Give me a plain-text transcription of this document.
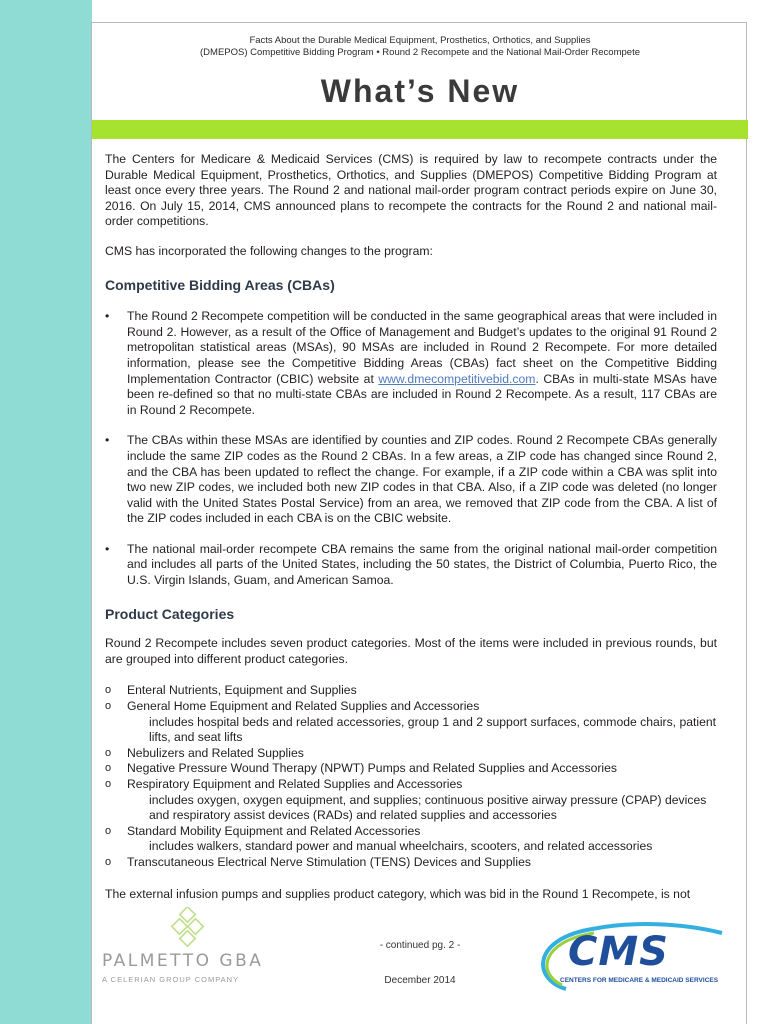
Facts About the Durable Medical Equipment, Prosthetics, Orthotics, and Supplies
(DMEPOS) Competitive Bidding Program • Round 2 Recompete and the National Mail-Order Recompete
What’s New

The Centers for Medicare & Medicaid Services (CMS) is required by law to recompete contracts under the Durable Medical Equipment, Prosthetics, Orthotics, and Supplies (DMEPOS) Competitive Bidding Program at least once every three years. The Round 2 and national mail-order program contract periods expire on June 30, 2016. On July 15, 2014, CMS announced plans to recompete the contracts for the Round 2 and national mail-order competitions.

CMS has incorporated the following changes to the program:

Competitive Bidding Areas (CBAs)
• The Round 2 Recompete competition will be conducted in the same geographical areas that were included in Round 2. However, as a result of the Office of Management and Budget’s updates to the original 91 Round 2 metropolitan statistical areas (MSAs), 90 MSAs are included in Round 2 Recompete. For more detailed information, please see the Competitive Bidding Areas (CBAs) fact sheet on the Competitive Bidding Implementation Contractor (CBIC) website at www.dmecompetitivebid.com. CBAs in multi-state MSAs have been re-defined so that no multi-state CBAs are included in Round 2 Recompete. As a result, 117 CBAs are in Round 2 Recompete.
• The CBAs within these MSAs are identified by counties and ZIP codes. Round 2 Recompete CBAs generally include the same ZIP codes as the Round 2 CBAs. In a few areas, a ZIP code has changed since Round 2, and the CBA has been updated to reflect the change. For example, if a ZIP code within a CBA was split into two new ZIP codes, we included both new ZIP codes in that CBA. Also, if a ZIP code was deleted (no longer valid with the United States Postal Service) from an area, we removed that ZIP code from the CBA. A list of the ZIP codes included in each CBA is on the CBIC website.
• The national mail-order recompete CBA remains the same from the original national mail-order competition and includes all parts of the United States, including the 50 states, the District of Columbia, Puerto Rico, the U.S. Virgin Islands, Guam, and American Samoa.
Product Categories

Round 2 Recompete includes seven product categories. Most of the items were included in previous rounds, but are grouped into different product categories.

o Enteral Nutrients, Equipment and Supplies
o General Home Equipment and Related Supplies and Accessories
includes hospital beds and related accessories, group 1 and 2 support surfaces, commode chairs, patient lifts, and seat lifts
o Nebulizers and Related Supplies
o Negative Pressure Wound Therapy (NPWT) Pumps and Related Supplies and Accessories
o Respiratory Equipment and Related Supplies and Accessories
includes oxygen, oxygen equipment, and supplies; continuous positive airway pressure (CPAP) devices and respiratory assist devices (RADs) and related supplies and accessories
o Standard Mobility Equipment and Related Accessories
includes walkers, standard power and manual wheelchairs, scooters, and related accessories
o Transcutaneous Electrical Nerve Stimulation (TENS) Devices and Supplies

The external infusion pumps and supplies product category, which was bid in the Round 1 Recompete, is not

PALMETTO GBA
A CELERIAN GROUP COMPANY
- continued pg. 2 -
December 2014
CMS
CENTERS FOR MEDICARE & MEDICAID SERVICES
